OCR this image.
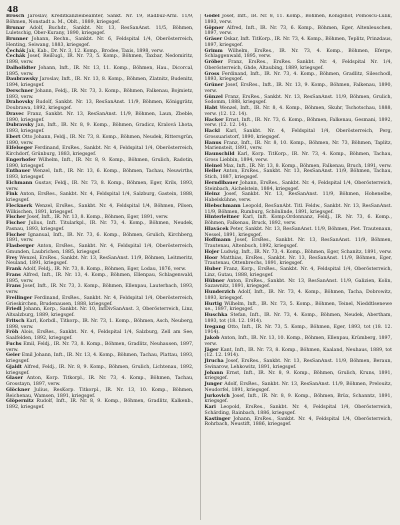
48

Brosch Jaroslav, Kreditkanzleibeamter, Sankt. Nr. 19, Radbuz-Arnl. 11/9, Böhmen, Nonstadt a. M., Oblt., 1889, kriegsgef.

Brunar Adolf, Buchdr., Sankbt. Nr. 13, ResSanAnst. 11/5, Böhmen, Luletschig, Ober-Kurany, 1890, kriegsgef.

Brunner Johann, Rechn., Sankbt. Nr. 6, Feldspital 1/4, Oberösterreich, Henting, Seiwang, 1883, kriegsgef.

Čechák Jak, Kab., Dr. Nr. 3, 12. Komp., Brodee, Taxis, 1898, verw.

Čechák Josef, ReiEugl., IR. Nr. 73, 5. Komp., Böhmen, Taxbar, Nedomiritz, 1898, verw.

Dalholidter Johann, Inft., IR. Nr. 13, 11. Komp., Böhmen, Hau., Dicorcal, 1895, verw.

Daubrawsky Jaroslav, Inft., IR. Nr. 13, 8. Komp., Böhmen, Zlatnitz, Budenitz, 1894, kriegsgef.

Derschner Johann, Feldj., IR. Nr. 73, 3. Komp., Böhmen, Falkenau, Bojmietz, 1893, verw.

Drahovsky Rudolf, Sankbt. Nr. 13, ResSanAnst. 11/9, Böhmen, Königgrätz, Doubrawa, 1892, kriegsgef.

Dravec Franz, Sankbt. Nr. 13, ResSanAnst. 11/9, Böhmen, Laun, Zbeble, 1890, kriegsgef.

Dubravsky Jan, Inft., IR. Nr. 8, 9. Komp., Böhmen, Gradicz, Kralová Lhota, 1893, kriegsgef.

Ebert Otto Johann, Feldj., IR. Nr. 73, 8. Komp., Böhmen, Neudek, Rittersgrün, 1890, verw.

Eifelseger Ferdinand, ErsRes., Sankbt. Nr. 4, Feldspital 1/4, Oberösterreich, Kirchdorf, Grünburg, 1883, kriegsgef.

Engerhofer Wilhelm, Inft., IR. Nr. 8, 9. Komp., Böhmen, Grulich, Radotin, 1890, kriegsgef.

Entbauer Wenzel, Inft., IR. Nr. 13, 6. Komp., Böhmen, Tachau, Neuwirths, 1893, kriegsgef.

Eichmann Gustav, Feldj., IR. Nr. 73, 8. Komp., Böhmen, Eger, Krils, 1893, verw.

Fink Anton, ErsRes., Sankbt. Nr. 4, Feldspital 1/4, Salzburg, Gastein, 1888, kriegsgef.

Flecknerk Wenzel, ErsRes., Sankbt. Nr. 4, Feldspital 1/4, Böhmen, Pilsen, Wilkischen, 1891, kriegsgef.

Fischer Josef, Inft., IR. Nr. 13, 8. Komp., Böhmen, Eger, 1891, verw.

Fischer Julius, Inft. Titularkpl., IR. Nr. 73, 4. Komp., Böhmen, Neudek, Pasnau, 1893, kriegsgef.

Fischer Ignanual, Inft., IR. Nr. 73, 6. Komp., Böhmen, Grulich, Kirchberg, 1891, verw.

Flasberger Anton, ErsRes., Sankbt. Nr. 4, Feldspital 1/4, Oberösterreich, Gmunden, Laubrichen, 1885, kriegsgef.

Frey Wenzel, ErsRes., Sankbt. Nr. 13, ResSanAnst. 11/9, Böhmen, Leitmeritz, Neuland, 1891, kriegsgef.

Frank Adolf, Feldj., IR. Nr. 73, 8. Komp., Böhmen, Eger, Lodau, 1876, verw.

Frans Alfred, Inft., IR. Nr. 13, 4. Komp., Böhmen, Ellenpau, Schlagenwald, 1895, verw.

Frans Josef, Inft., IR. Nr. 73, 3. Komp., Böhmen, Ellenpau, Lauterbach, 1893, verw.

Freilinger Ferdinand, ErsRes., Sankbt. Nr. 4, Feldspital 1/4, Oberösterreich, Grieskirchen, Brudenausen, 1888, kriegsgef.

Friedl Johann, Korp., Sankbt. Nr. 10, InfDivSanAnst. 3, Oberösterreich, Linz, Altsalzburg, 1889, kriegsgef.

Fritsch Karl, Korbdl., Titkorp., IR. Nr. 73, 1. Komp., Böhmen, Asch, Neuberg, 1898, verw.

Fröh Alois, ErsRes., Sankbt. Nr. 4, Feldspital 1/4, Salzburg, Zell am See, Saalfelden, 1892, kriegsgef.

Fuchs Emil, Feldj., IR. Nr. 73, 8. Komp., Böhmen, Gradlitz, Neuhausen, 1897, verw.

Geier Emil Johann, Inft., IR. Nr. 13, 4. Komp., Böhmen, Tachau, Plattau, 1893, kriegsgef.

Gjaldt Alfred, Feldj., IR. Nr. 8, 9. Komp., Böhmen, Grulich, Lichtenau, 1892, kriegsgef.

Glaser Anton, Korp. Titkorpl., IR. Nr. 73, 4. Komp., Böhmen, Tachau, Grosstayn, 1897, verw.

Glöckner Julius, ResKorp. Titkorpl., IR. Nr. 13, 10. Komp., Böhmen, Reichenau, Wamsen, 1891, kriegsgef.

Glöpernitz Rudolf, Inft., IR. Nr. 8, 9. Komp., Böhmen, Gradlitz, Kalkenb., 1892, kriegsgef.

Gödel Josef, Inft., IR. Nr. 8, 11. Komp., Böhmen, Königshof, Pomoscu-Lulik, 1893, verw.

Göpner Alfred, Inft., IR. Nr. 73, 6. Komp., Böhmen, Eger, Altenleuschen, 1897, verw.

Gräser Oskar, Inft. TitKorp., IR. Nr. 73, 4. Komp., Böhmen, Teplitz, Prinzdaus, 1897, kriegsgef.

Grimm Wilhelm, ErsRes., IR. Nr. 73, 4. Komp., Böhmen, Eferge, Schlaggenwald, 1895, verw.

Gröber Franz, ErsRes., ErsRes. Sankbt. Nr. 4, Feldspital Nr. 1/4, Oberösterreich, Ghde, Altaubing, 1889, kriegsgef.

Gross Ferdinand, Inft., IR. Nr. 73, 4. Komp., Böhmen, Gradlitz, Sileschodl, 1893, kriegsgef.

Grüner Josef, ErsRes., Inft., IR. Nr. 13, 9. Komp., Böhmen, Falkenau, 1890, verw.

Günzel Franz, ErsRes., Sankbt. Nr. 13, ResSanAnst. 11/9, Böhmen, Grulich, Sodomm, 1888, kriegsgef.

Habt Wenzel, Inft., IR. Nr. 8, 4. Komp., Böhmen, Skuhr, Tschotschau, 1888, verw. (12. 12. 14).

Hacker Ernst, Inft., IR. Nr. 73, 6. Komp., Böhmen, Falkenau, Gesmani, 1892, verw. (12. 12. 14).

Hackl Karl, Sankbt. Nr. 4, Feldspital 1/4, Oberösterreich, Perg, Grossuaristorf, 1890, kriegsgef.

Hanus Franz, Inft., IR. Nr. 8, 10. Komp., Böhmen, Nr. 73, Böhmen, Taplitz, Mariensteit, 1891, verw.

Haunschild Karl, Korp. TitKorp., IR. Nr. 73, 4. Komp., Böhmen, Tachau, Gross Liebbin, 1894, verw.

Heinel Max, Inft., IR. Nr. 13, 8. Komp., Böhmen, Falkenau, Bruch, 1891, verw.

Heller Anton, ErsRes., Sankbt. Nr. 13, ResSanAnst. 11/9, Böhmen, Tachau, Stich, 1887, kriegsgef.

Herndlbauer Johann, ErsRes., Sankbt. Nr. 4, Feldspital 1/4, Oberösterreich, Steinbach, Aichelstein, 1884, kriegsgef.

Heinz Josef, Sankbt. Nr. 13, ResSanAnst. 11/9, Böhmen, Hohenelbe, Habelskühne, verw.

Hiebschmann Leopold, ResSanAbt. Titl. Feldw., Sankbt. Nr. 13, ResSanAnst. 11/9, Böhmen, Rumburg, Schönlinde, 1891, kriegsgef.

Hinterleitner Karl, Inft. Komp.Ordonnanz, Feldj., IR. Nr. 73, 6. Komp., Böhmen, Falkenau, Bruck, 1892, verw.

Hlavácek Peter, Sankbt. Nr. 13, ResSanAnst. 11/9, Böhmen, Piet. Trautenaun, Nessel, 1891, kriegsgef.

Hoffmann Josef, ErsRes., Sankbt. Nr. 13, ResSanAnst. 11/9, Böhmen, Trautenau, Altenbuch, 1892, kriegsgef.

Hojer Ludwig, Inft., IR. Nr. 73, 4. Komp., Böhmen, Eger, Schanitz, 1891, verw.

Hoor Matthias, ErsRes., Sankbt. Nr. 13, ResSanAnst. 11/9, Böhmen, Eger, Trautenau, Ottenbrechs, 1891, kriegsgef.

Huber Franz, Korp., ErsRes., Sankbt. Nr. 4, Feldspital 1/4, Oberösterreich, Linz, Gutau, 1888, kriegsgef.

Hübner Anton, ErsRes., Sankbt. Nr. 13, ResSanAnst. 11/9, Galizien, Kolin, Sazawnitz, 1891, kriegsgef.

Hunderzich Adolf, Inft., IR. Nr. 73, 4. Komp., Böhmen, Tacha, Dobrowitz, 1893, kriegsgef.

Hurtig Wilhelm, Inft., IR. Nr. 73, 5. Komp., Böhmen, Teinel, Nieddtlsenewe ue., 1897, kriegsgef.

Huschka Stefan, Inft., IR. Nr. 73, 4. Komp., Böhmen, Neudek, Abertham, 1893, tot (18. 12. 1914).

Iregang Otto, Inft., IR. Nr. 73, 5. Komp., Böhmen, Eger, 1893, tot (18. 12. 1914).

Jakob Anton, Inft., IR. Nr. 13, 10. Komp., Böhmen, Ellenpau, Krümberg, 1897, verw.

Jäger Kant, Inft., IR. Nr. 73, 8. Komp., Böhmen, Kaaland, Neuhaus, 1889, tot (12. 12. 1914).

Jirucha Josef, ErsRes., Sankbt. Nr. 13, ResSanAnst. 11/9, Böhmen, Beraun, Swinarow, Lehkowitz, 1891, kriegsgef.

Johann Ernst, Inft., IR. Nr. 8, 9. Komp., Böhmen, Grulich, Kruns, 1891, kriegsgef.

Junger Adolf, ErsRes., Sankbt. Nr. 13, ResSanAnst. 11/9, Böhmen, Prelouitz, Neudorfel, 1891, kriegsgef.

Jurkovich Josef, Inft., IR. Nr. 8, 9. Komp., Böhmen, Brüx, Schanntz, 1891, kriegsgef.

Kari Leopold, ErsRes., Sankbt. Nr. 4, Feldspital 1/4, Oberösterreich, Schärding, Rainbach, 1886, kriegsgef.

Kastinger Johann, ErsRes., Sankbt. Nr. 4, Feldspital 1/4, Oberösterreich, Rohrbach, Neustift, 1886, kriegsgef.
